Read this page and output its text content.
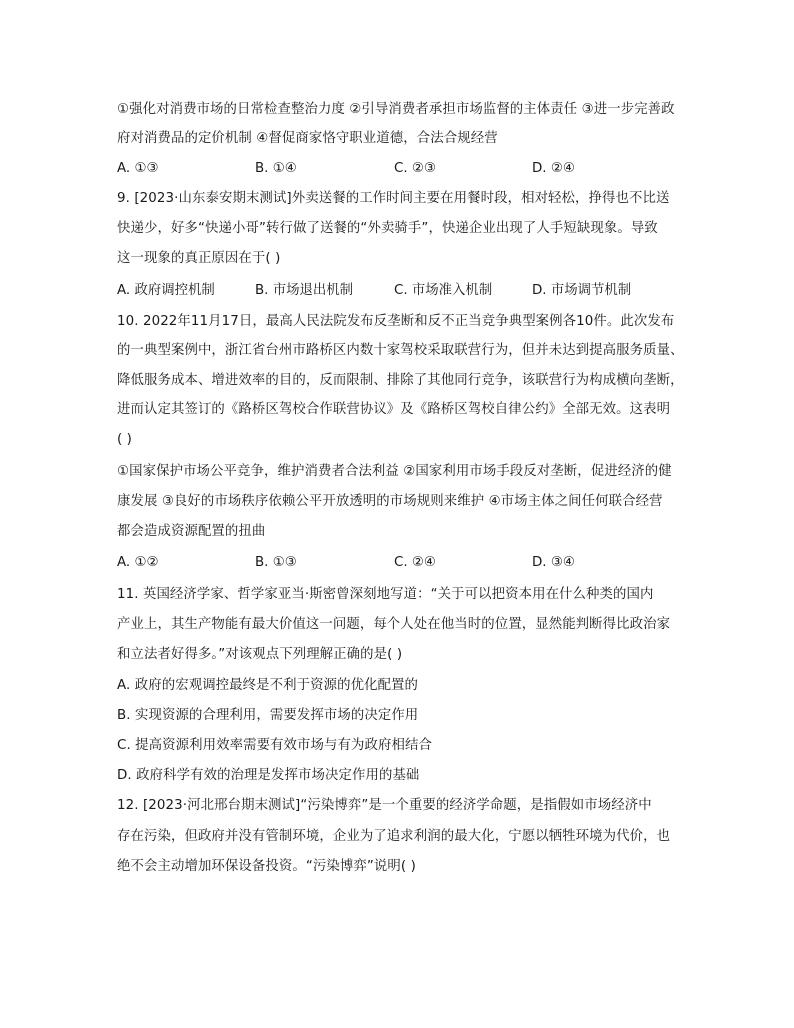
①强化对消费市场的日常检查整治力度 ②引导消费者承担市场监督的主体责任 ③进一步完善政
府对消费品的定价机制 ④督促商家恪守职业道德，合法合规经营
A. ①③	B. ①④	C. ②③	D. ②④
9. [2023·山东泰安期末测试]外卖送餐的工作时间主要在用餐时段，相对轻松，挣得也不比送
快递少，好多“快递小哥”转行做了送餐的“外卖骑手”，快递企业出现了人手短缺现象。导致
这一现象的真正原因在于( )
A. 政府调控机制	B. 市场退出机制	C. 市场准入机制	D. 市场调节机制
10. 2022年11月17日，最高人民法院发布反垄断和反不正当竞争典型案例各10件。此次发布
的一典型案例中，浙江省台州市路桥区内数十家驾校采取联营行为，但并未达到提高服务质量、
降低服务成本、增进效率的目的，反而限制、排除了其他同行竞争，该联营行为构成横向垄断，
进而认定其签订的《路桥区驾校合作联营协议》及《路桥区驾校自律公约》全部无效。这表明
( )
①国家保护市场公平竞争，维护消费者合法利益 ②国家利用市场手段反对垄断，促进经济的健
康发展 ③良好的市场秩序依赖公平开放透明的市场规则来维护 ④市场主体之间任何联合经营
都会造成资源配置的扭曲
A. ①②	B. ①③	C. ②④	D. ③④
11. 英国经济学家、哲学家亚当·斯密曾深刻地写道：“关于可以把资本用在什么种类的国内
产业上，其生产物能有最大价值这一问题，每个人处在他当时的位置，显然能判断得比政治家
和立法者好得多。”对该观点下列理解正确的是( )
A. 政府的宏观调控最终是不利于资源的优化配置的
B. 实现资源的合理利用，需要发挥市场的决定作用
C. 提高资源利用效率需要有效市场与有为政府相结合
D. 政府科学有效的治理是发挥市场决定作用的基础
12. [2023·河北邢台期末测试]“污染博弈”是一个重要的经济学命题，是指假如市场经济中
存在污染，但政府并没有管制环境，企业为了追求利润的最大化，宁愿以牺牲环境为代价，也
绝不会主动增加环保设备投资。“污染博弈”说明( )
